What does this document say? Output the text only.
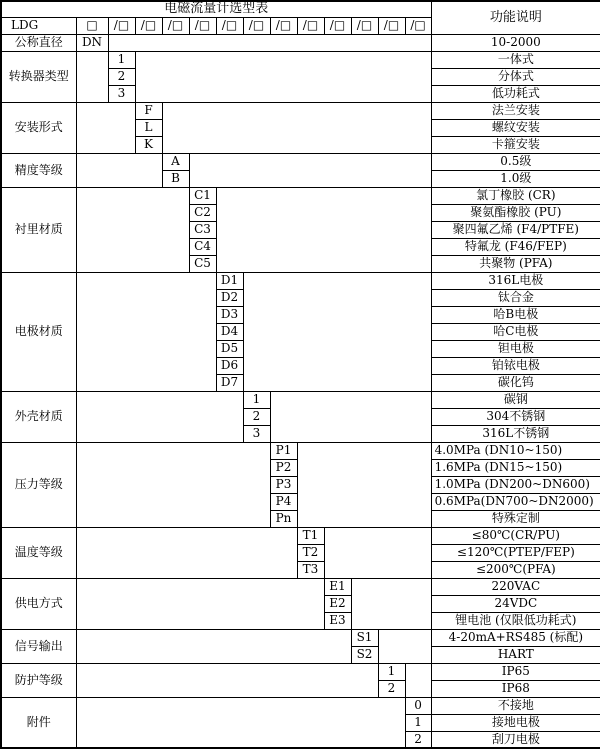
电磁流量计选型表														功能说明
LDG	□	/□	/□	/□	/□	/□	/□	/□	/□	/□	/□	/□	/□	
公称直径	DN													10-2000
转换器类型		1												一体式
		2												分体式
		3												低功耗式
安装形式			F											法兰安装
			L											螺纹安装
			K											卡箍安装
精度等级				A										0.5级
				B										1.0级
衬里材质					C1									氯丁橡胶 (CR)
					C2									聚氨酯橡胶 (PU)
					C3									聚四氟乙烯 (F4/PTFE)
					C4									特氟龙 (F46/FEP)
					C5									共聚物 (PFA)
电极材质						D1								316L电极
						D2								钛合金
						D3								哈B电极
						D4								哈C电极
						D5								钽电极
						D6								铂铱电极
						D7								碳化钨
外壳材质							1							碳钢
							2							304不锈钢
							3							316L不锈钢
压力等级								P1						4.0MPa (DN10~150)
								P2						1.6MPa (DN15~150)
								P3						1.0MPa (DN200~DN600)
								P4						0.6MPa(DN700~DN2000)
								Pn						特殊定制
温度等级									T1					≤80℃(CR/PU)
									T2					≤120℃(PTEP/FEP)
									T3					≤200℃(PFA)
供电方式										E1				220VAC
										E2				24VDC
										E3				锂电池 (仅限低功耗式)
信号输出											S1			4-20mA+RS485 (标配)
											S2			HART
防护等级												1		IP65
												2		IP68
附件													0	不接地
													1	接地电极
													2	刮刀电极
